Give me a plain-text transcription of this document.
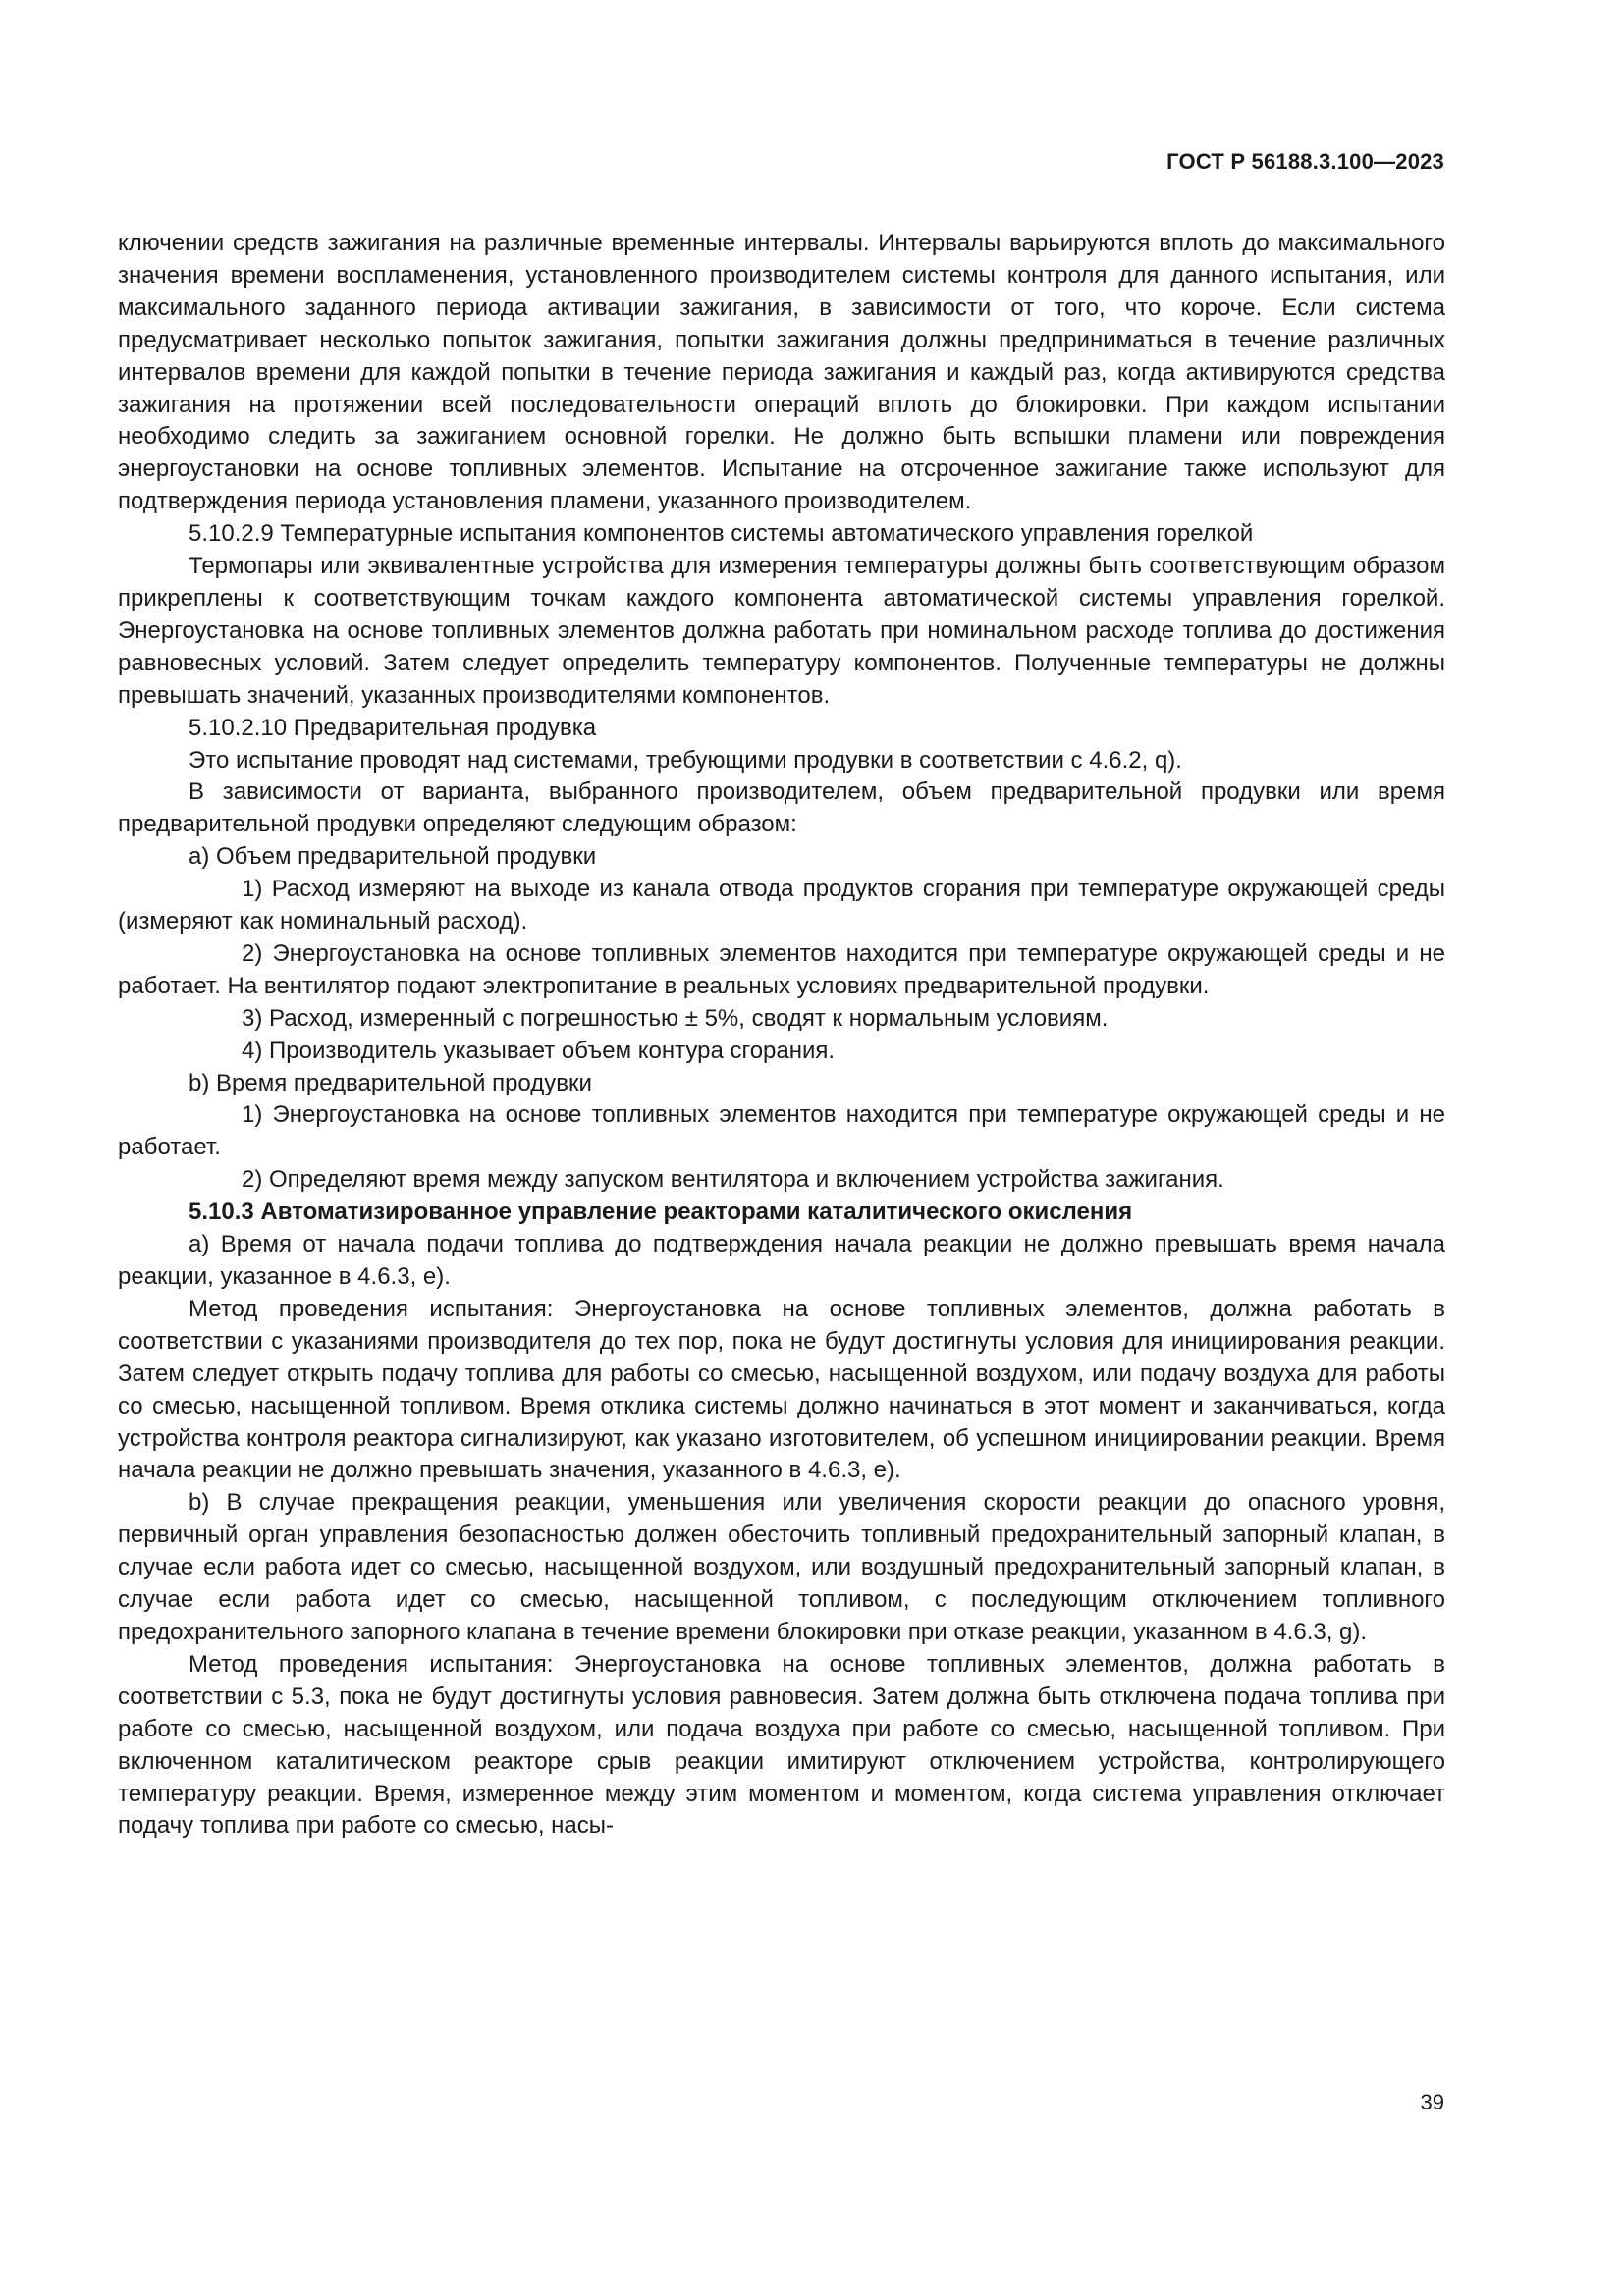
ГОСТ Р 56188.3.100—2023

ключении средств зажигания на различные временные интервалы. Интервалы варьируются вплоть до максимального значения времени воспламенения, установленного производителем системы контроля для данного испытания, или максимального заданного периода активации зажигания, в зависимости от того, что короче. Если система предусматривает несколько попыток зажигания, попытки зажигания должны предприниматься в течение различных интервалов времени для каждой попытки в течение периода зажигания и каждый раз, когда активируются средства зажигания на протяжении всей последовательности операций вплоть до блокировки. При каждом испытании необходимо следить за зажиганием основной горелки. Не должно быть вспышки пламени или повреждения энергоустановки на основе топливных элементов. Испытание на отсроченное зажигание также используют для подтверждения периода установления пламени, указанного производителем.

5.10.2.9 Температурные испытания компонентов системы автоматического управления горелкой

Термопары или эквивалентные устройства для измерения температуры должны быть соответствующим образом прикреплены к соответствующим точкам каждого компонента автоматической системы управления горелкой. Энергоустановка на основе топливных элементов должна работать при номинальном расходе топлива до достижения равновесных условий. Затем следует определить температуру компонентов. Полученные температуры не должны превышать значений, указанных производителями компонентов.

5.10.2.10 Предварительная продувка

Это испытание проводят над системами, требующими продувки в соответствии с 4.6.2, q).

В зависимости от варианта, выбранного производителем, объем предварительной продувки или время предварительной продувки определяют следующим образом:

a) Объем предварительной продувки

1) Расход измеряют на выходе из канала отвода продуктов сгорания при температуре окружающей среды (измеряют как номинальный расход).

2) Энергоустановка на основе топливных элементов находится при температуре окружающей среды и не работает. На вентилятор подают электропитание в реальных условиях предварительной продувки.

3) Расход, измеренный с погрешностью ± 5%, сводят к нормальным условиям.

4) Производитель указывает объем контура сгорания.

b) Время предварительной продувки

1) Энергоустановка на основе топливных элементов находится при температуре окружающей среды и не работает.

2) Определяют время между запуском вентилятора и включением устройства зажигания.

5.10.3 Автоматизированное управление реакторами каталитического окисления

a) Время от начала подачи топлива до подтверждения начала реакции не должно превышать время начала реакции, указанное в 4.6.3, e).

Метод проведения испытания: Энергоустановка на основе топливных элементов, должна работать в соответствии с указаниями производителя до тех пор, пока не будут достигнуты условия для инициирования реакции. Затем следует открыть подачу топлива для работы со смесью, насыщенной воздухом, или подачу воздуха для работы со смесью, насыщенной топливом. Время отклика системы должно начинаться в этот момент и заканчиваться, когда устройства контроля реактора сигнализируют, как указано изготовителем, об успешном инициировании реакции. Время начала реакции не должно превышать значения, указанного в 4.6.3, e).

b) В случае прекращения реакции, уменьшения или увеличения скорости реакции до опасного уровня, первичный орган управления безопасностью должен обесточить топливный предохранительный запорный клапан, в случае если работа идет со смесью, насыщенной воздухом, или воздушный предохранительный запорный клапан, в случае если работа идет со смесью, насыщенной топливом, с последующим отключением топливного предохранительного запорного клапана в течение времени блокировки при отказе реакции, указанном в 4.6.3, g).

Метод проведения испытания: Энергоустановка на основе топливных элементов, должна работать в соответствии с 5.3, пока не будут достигнуты условия равновесия. Затем должна быть отключена подача топлива при работе со смесью, насыщенной воздухом, или подача воздуха при работе со смесью, насыщенной топливом. При включенном каталитическом реакторе срыв реакции имитируют отключением устройства, контролирующего температуру реакции. Время, измеренное между этим моментом и моментом, когда система управления отключает подачу топлива при работе со смесью, насы-

39
